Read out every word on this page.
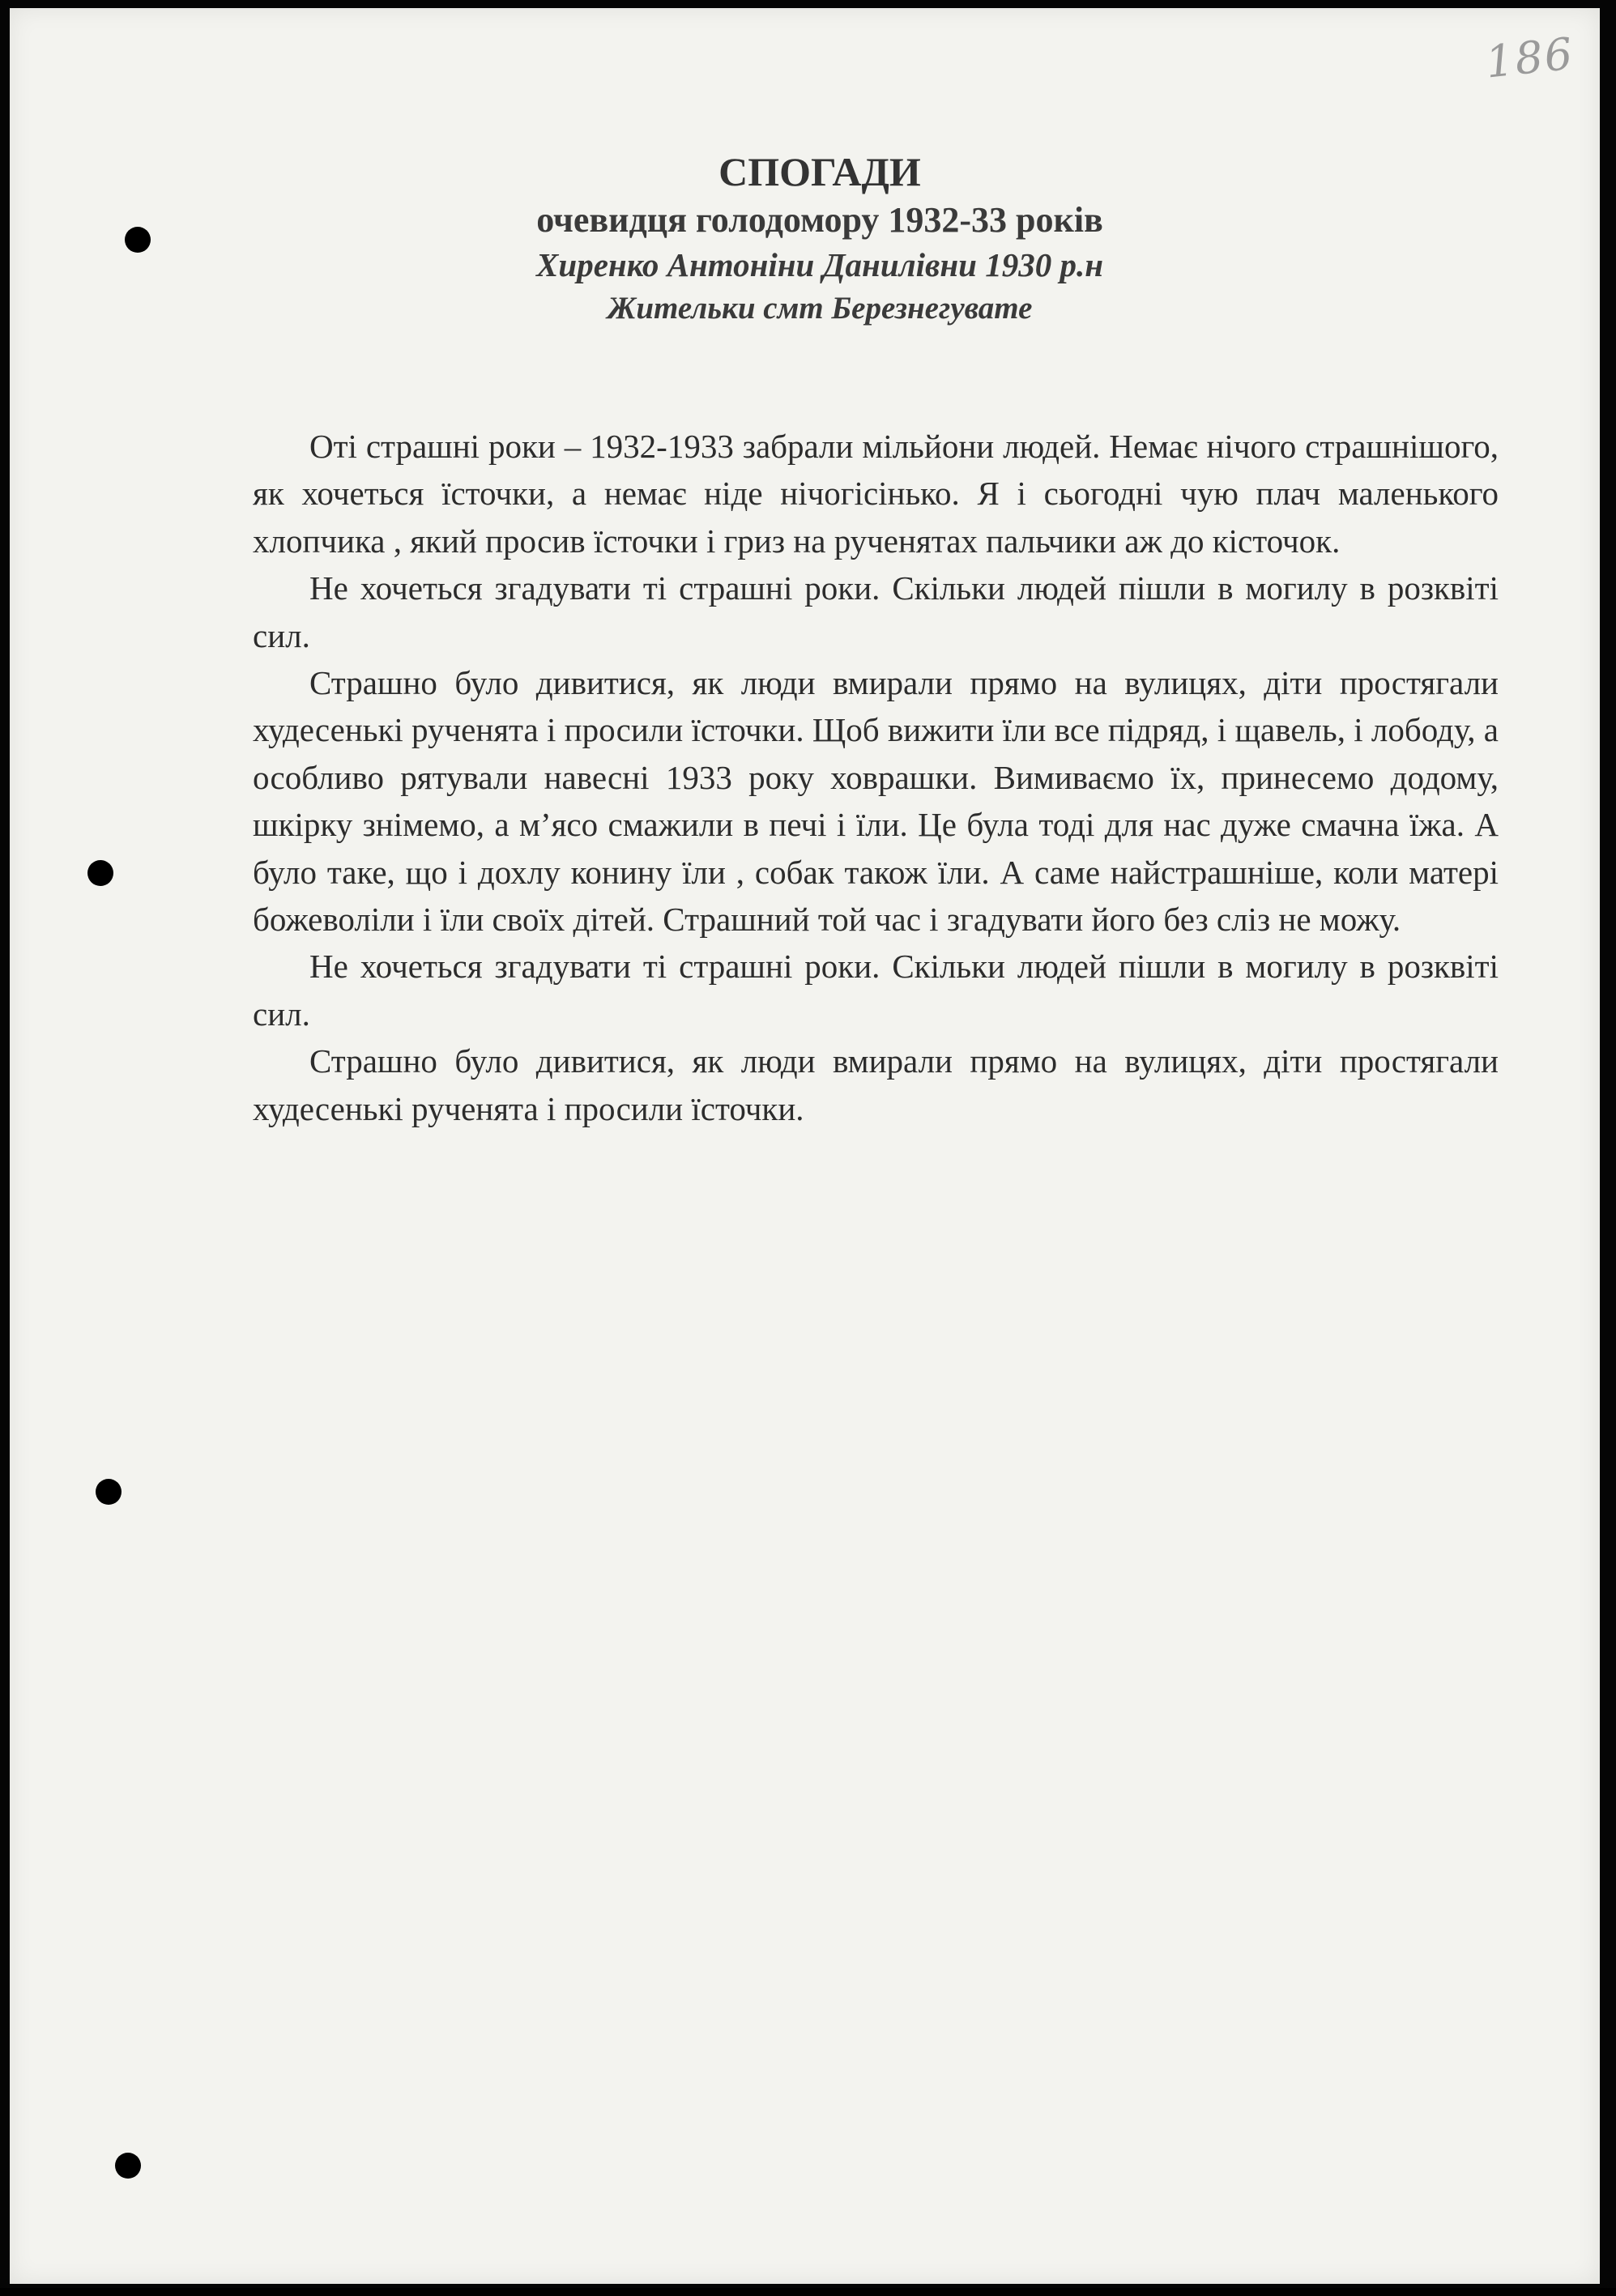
186
СПОГАДИ
очевидця голодомору 1932-33 років
Хиренко Антоніни Данилівни 1930 р.н
Жительки смт Березнегувате

Оті страшні роки – 1932-1933 забрали мільйони людей. Немає нічого страшнішого, як хочеться їсточки, а немає ніде нічогісінько. Я і сьогодні чую плач маленького хлопчика , який просив їсточки і гриз на рученятах пальчики аж до кісточок.

Не хочеться згадувати ті страшні роки. Скільки людей пішли в могилу в розквіті сил.

Страшно було дивитися, як люди вмирали прямо на вулицях, діти простягали худесенькі рученята і просили їсточки. Щоб вижити їли все підряд, і щавель, і лободу, а особливо рятували навесні 1933 року ховрашки. Вимиваємо їх, принесемо додому, шкірку знімемо, а м’ясо смажили в печі і їли. Це була тоді для нас дуже смачна їжа. А було таке, що і дохлу конину їли , собак також їли. А саме найстрашніше, коли матері божеволіли і їли своїх дітей. Страшний той час і згадувати його без сліз не можу.

Не хочеться згадувати ті страшні роки. Скільки людей пішли в могилу в розквіті сил.

Страшно було дивитися, як люди вмирали прямо на вулицях, діти простягали худесенькі рученята і просили їсточки.
